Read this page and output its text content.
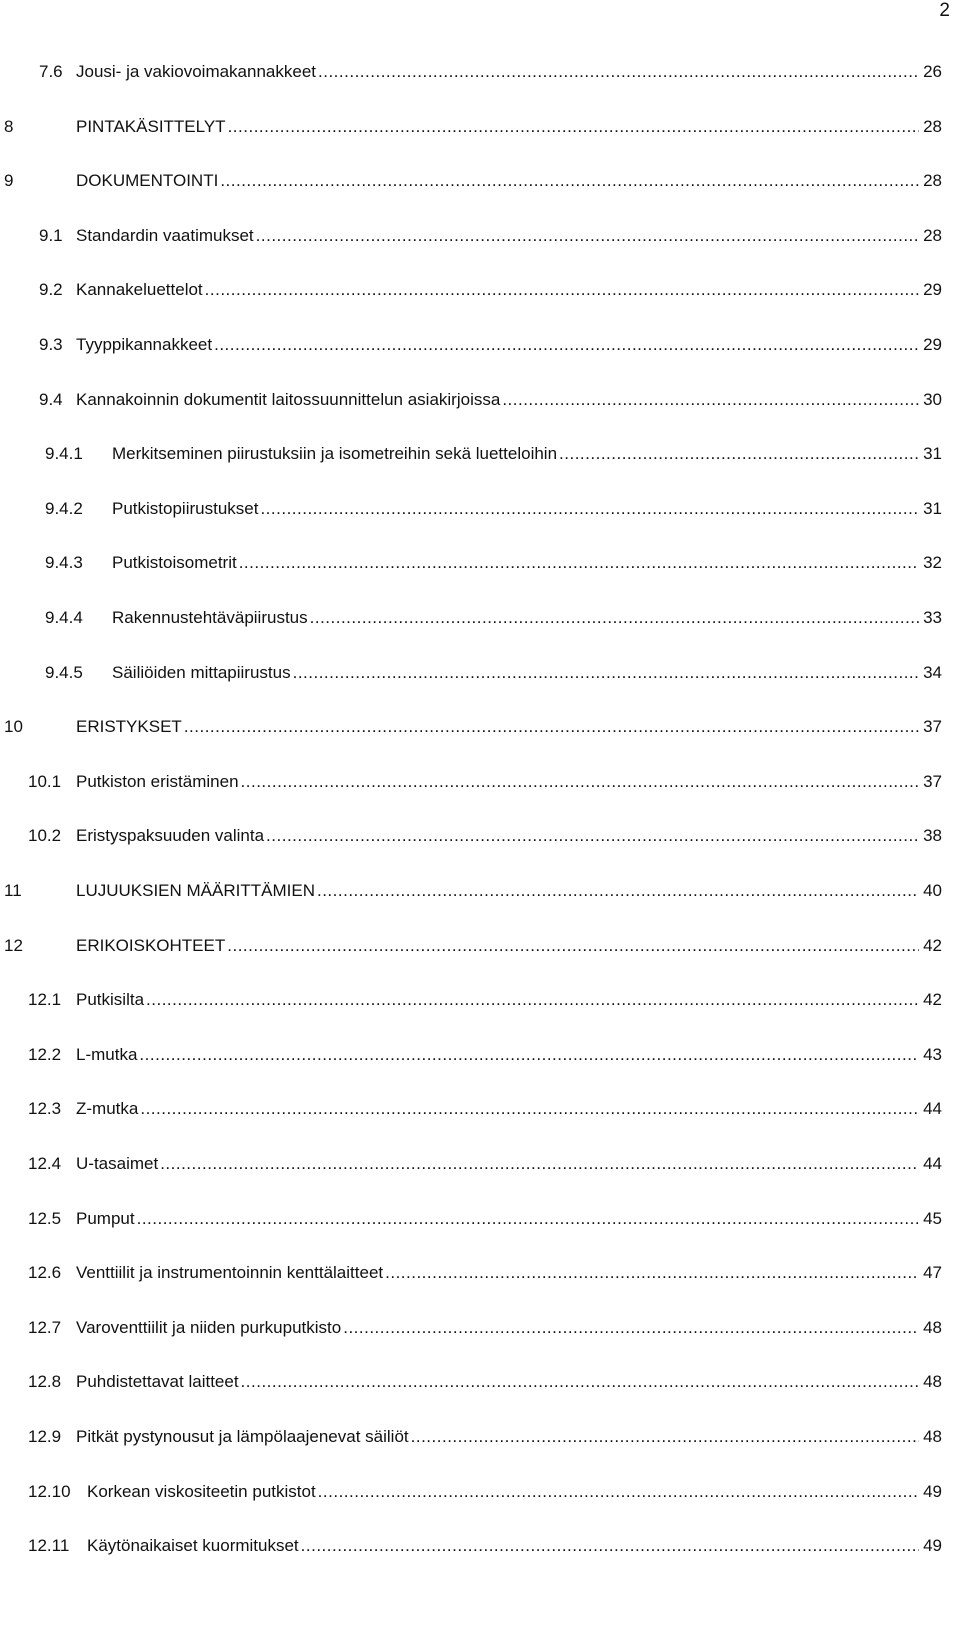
2
7.6 Jousi- ja vakiovoimakannakkeet .....	26
8	PINTAKÄSITTELYT .....	28
9	DOKUMENTOINTI .....	28
9.1 Standardin vaatimukset .....	28
9.2 Kannakeluettelot .....	29
9.3 Tyyppikannakkeet .....	29
9.4 Kannakoinnin dokumentit laitossuunnittelun asiakirjoissa .....	30
9.4.1 Merkitseminen piirustuksiin ja isometreihin sekä luetteloihin .....	31
9.4.2 Putkistopiirustukset .....	31
9.4.3 Putkistoisometrit .....	32
9.4.4 Rakennustehtäväpiirustus .....	33
9.4.5 Säiliöiden mittapiirustus .....	34
10	ERISTYKSET .....	37
10.1 Putkiston eristäminen .....	37
10.2 Eristyspaksuuden valinta .....	38
11	LUJUUKSIEN MÄÄRITTÄMIEN .....	40
12	ERIKOISKOHTEET .....	42
12.1 Putkisilta .....	42
12.2 L-mutka .....	43
12.3 Z-mutka .....	44
12.4 U-tasaimet .....	44
12.5 Pumput .....	45
12.6 Venttiilit ja instrumentoinnin kenttälaitteet .....	47
12.7 Varoventtiilit ja niiden purkuputkisto .....	48
12.8 Puhdistettavat laitteet .....	48
12.9 Pitkät pystynousut ja lämpölaajenevat säiliöt .....	48
12.10 Korkean viskositeetin putkistot .....	49
12.11 Käytönaikaiset kuormitukset .....	49
